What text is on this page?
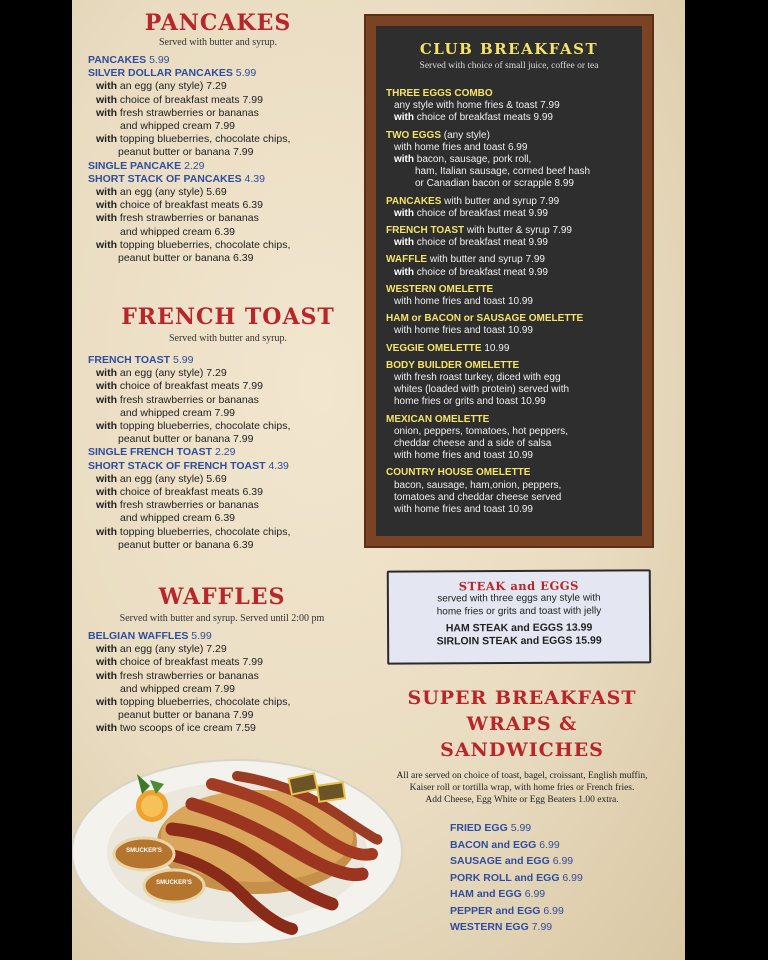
PANCAKES
Served with butter and syrup.
PANCAKES 5.99
SILVER DOLLAR PANCAKES 5.99
with an egg (any style) 7.29
with choice of breakfast meats 7.99
with fresh strawberries or bananas
and whipped cream 7.99
with topping blueberries, chocolate chips,
peanut butter or banana 7.99
SINGLE PANCAKE 2.29
SHORT STACK OF PANCAKES 4.39
with an egg (any style) 5.69
with choice of breakfast meats 6.39
with fresh strawberries or bananas
and whipped cream 6.39
with topping blueberries, chocolate chips,
peanut butter or banana 6.39
FRENCH TOAST
Served with butter and syrup.
FRENCH TOAST 5.99
with an egg (any style) 7.29
with choice of breakfast meats 7.99
with fresh strawberries or bananas
and whipped cream 7.99
with topping blueberries, chocolate chips,
peanut butter or banana 7.99
SINGLE FRENCH TOAST 2.29
SHORT STACK OF FRENCH TOAST 4.39
with an egg (any style) 5.69
with choice of breakfast meats 6.39
with fresh strawberries or bananas
and whipped cream 6.39
with topping blueberries, chocolate chips,
peanut butter or banana 6.39
WAFFLES
Served with butter and syrup. Served until 2:00 pm
BELGIAN WAFFLES 5.99
with an egg (any style) 7.29
with choice of breakfast meats 7.99
with fresh strawberries or bananas
and whipped cream 7.99
with topping blueberries, chocolate chips,
peanut butter or banana 7.99
with two scoops of ice cream 7.59
CLUB BREAKFAST
Served with choice of small juice, coffee or tea
THREE EGGS COMBO
any style with home fries & toast 7.99
with choice of breakfast meats 9.99
TWO EGGS (any style)
with home fries and toast 6.99
with bacon, sausage, pork roll,
ham, Italian sausage, corned beef hash
or Canadian bacon or scrapple 8.99
PANCAKES with butter and syrup 7.99
with choice of breakfast meat 9.99
FRENCH TOAST with butter & syrup 7.99
with choice of breakfast meat 9.99
WAFFLE with butter and syrup 7.99
with choice of breakfast meat 9.99
WESTERN OMELETTE
with home fries and toast 10.99
HAM or BACON or SAUSAGE OMELETTE
with home fries and toast 10.99
VEGGIE OMELETTE 10.99
BODY BUILDER OMELETTE
with fresh roast turkey, diced with egg
whites (loaded with protein) served with
home fries or grits and toast 10.99
MEXICAN OMELETTE
onion, peppers, tomatoes, hot peppers,
cheddar cheese and a side of salsa
with home fries and toast 10.99
COUNTRY HOUSE OMELETTE
bacon, sausage, ham,onion, peppers,
tomatoes and cheddar cheese served
with home fries and toast 10.99
STEAK and EGGS
served with three eggs any style with
home fries or grits and toast with jelly
HAM STEAK and EGGS 13.99
SIRLOIN STEAK and EGGS 15.99
SUPER BREAKFAST
WRAPS &
SANDWICHES
All are served on choice of toast, bagel, croissant, English muffin,
Kaiser roll or tortilla wrap, with home fries or French fries.
Add Cheese, Egg White or Egg Beaters 1.00 extra.
FRIED EGG 5.99
BACON and EGG 6.99
SAUSAGE and EGG 6.99
PORK ROLL and EGG 6.99
HAM and EGG 6.99
PEPPER and EGG 6.99
WESTERN EGG 7.99
SMUCKER'S
SMUCKER'S
